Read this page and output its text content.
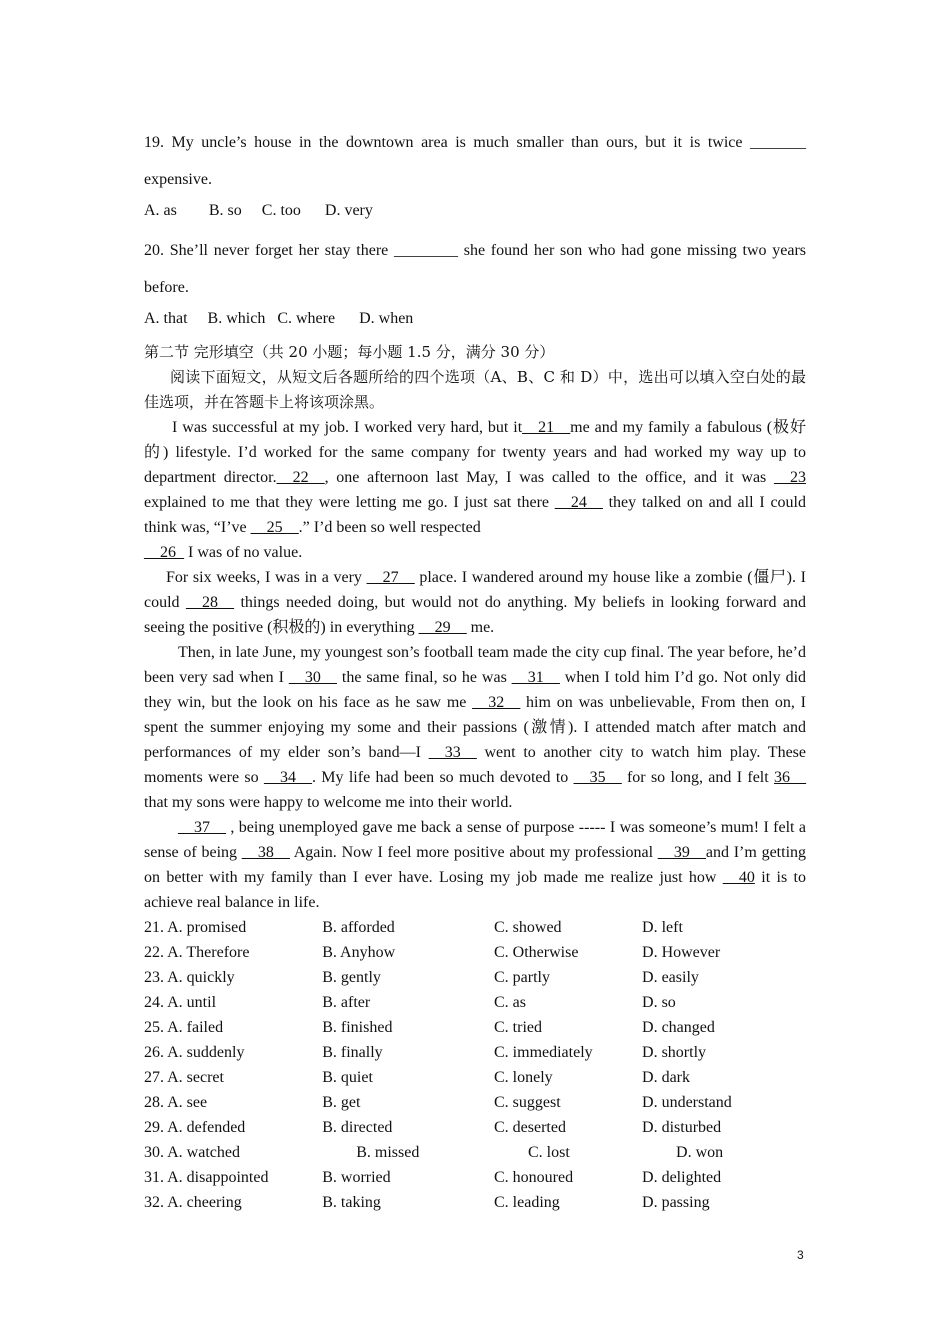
19. My uncle’s house in the downtown area is much smaller than ours, but it is twice _______ expensive.

A. as        B. so     C. too      D. very

20. She’ll never forget her stay there ________ she found her son who had gone missing two years before.

A. that     B. which   C. where      D. when

第二节 完形填空（共 20 小题；每小题 1.5 分，满分 30 分）

阅读下面短文，从短文后各题所给的四个选项（A、B、C 和 D）中，选出可以填入空白处的最佳选项，并在答题卡上将该项涂黑。

I was successful at my job. I worked very hard, but it__21__me and my family a fabulous (极好的) lifestyle. I’d worked for the same company for twenty years and had worked my way up to department director.__22__, one afternoon last May, I was called to the office, and it was __23 explained to me that they were letting me go. I just sat there __24__ they talked on and all I could think was, “I’ve __25__.” I’d been so well respected

__26_ I was of no value.

For six weeks, I was in a very __27__ place. I wandered around my house like a zombie (僵尸). I could __28__ things needed doing, but would not do anything. My beliefs in looking forward and seeing the positive (积极的) in everything __29__ me.

Then, in late June, my youngest son’s football team made the city cup final. The year before, he’d been very sad when I __30__ the same final, so he was __31__ when I told him I’d go. Not only did they win, but the look on his face as he saw me __32__ him on was unbelievable, From then on, I spent the summer enjoying my some and their passions (激情). I attended match after match and performances of my elder son’s band—I __33__ went to another city to watch him play. These moments were so __34__. My life had been so much devoted to __35__ for so long, and I felt 36__ that my sons were happy to welcome me into their world.

__37__ , being unemployed gave me back a sense of purpose ----- I was someone’s mum! I felt a sense of being __38__ Again. Now I feel more positive about my professional __39__and I’m getting on better with my family than I ever have. Losing my job made me realize just how __40 it is to achieve real balance in life.

21. A. promised	B. afforded	C. showed	D. left
22. A. Therefore	B. Anyhow	C. Otherwise	D. However
23. A. quickly	B. gently	C. partly	D. easily
24. A. until	B. after	C. as	D. so
25. A. failed	B. finished	C. tried	D. changed
26. A. suddenly	B. finally	C. immediately	D. shortly
27. A. secret	B. quiet	C. lonely	D. dark
28. A. see	B. get	C. suggest	D. understand
29. A. defended	B. directed	C. deserted	D. disturbed
30. A. watched	B. missed	C. lost	D. won
31. A. disappointed	B. worried	C. honoured	D. delighted
32. A. cheering	B. taking	C. leading	D. passing
3
